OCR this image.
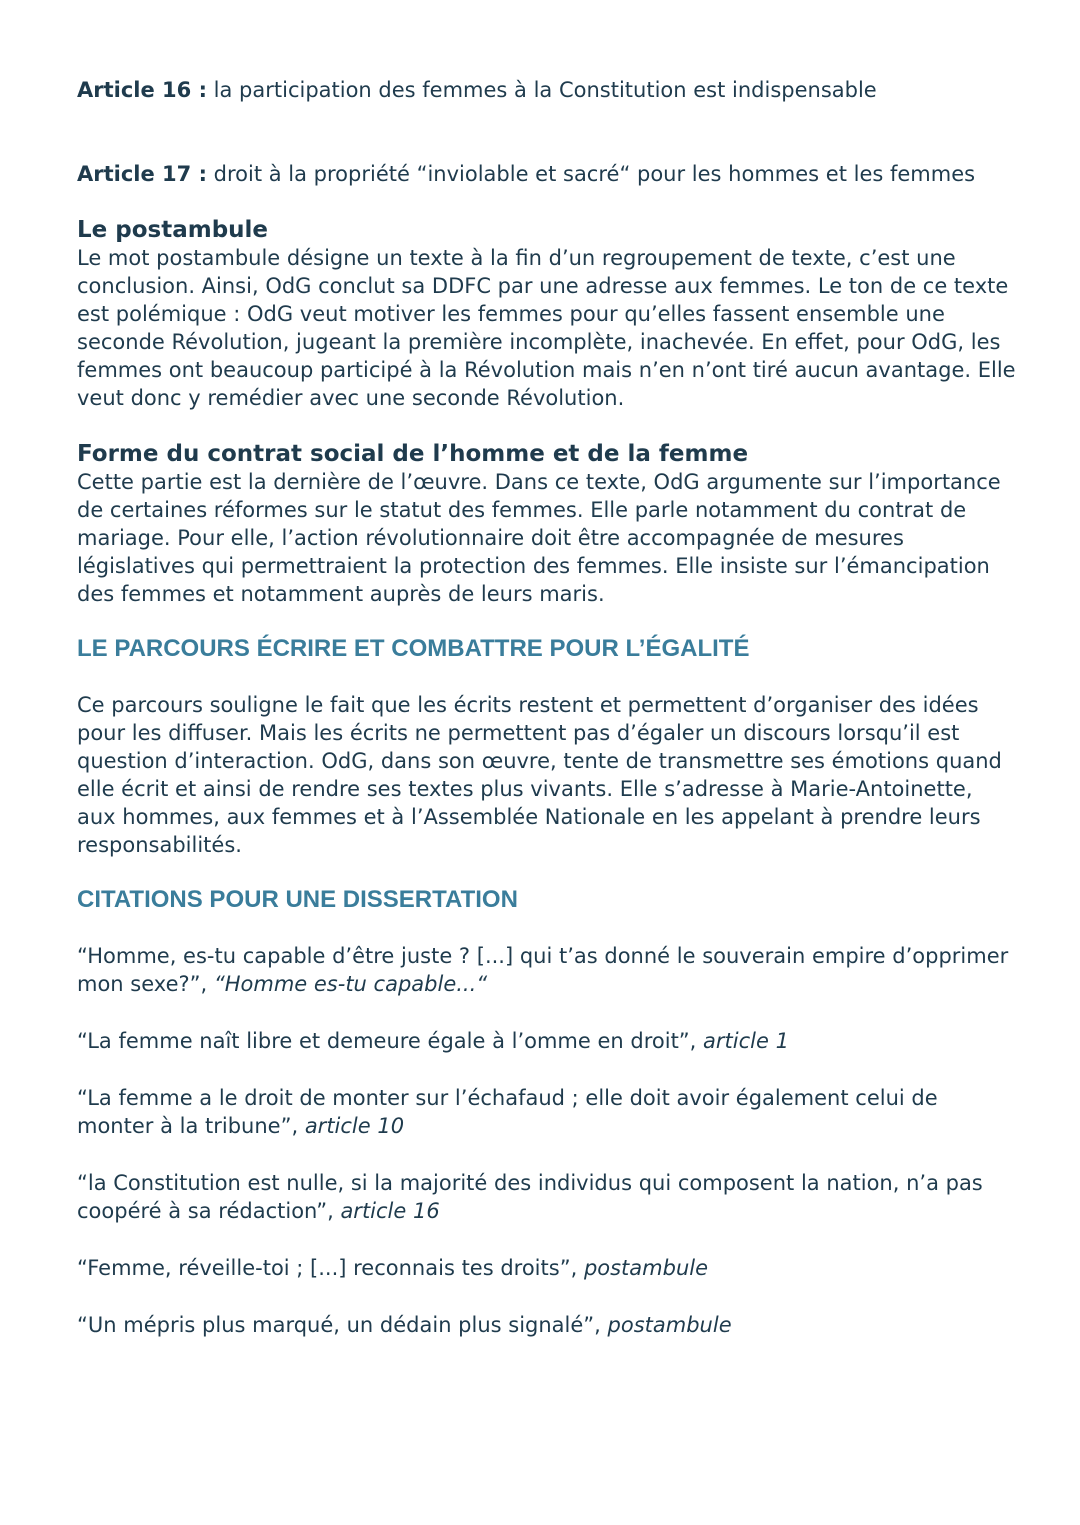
Article 16 : la participation des femmes à la Constitution est indispensable

Article 17 : droit à la propriété “inviolable et sacré“ pour les hommes et les femmes

Le postambule

Le mot postambule désigne un texte à la fin d’un regroupement de texte, c’est une conclusion. Ainsi, OdG conclut sa DDFC par une adresse aux femmes. Le ton de ce texte est polémique : OdG veut motiver les femmes pour qu’elles fassent ensemble une seconde Révolution, jugeant la première incomplète, inachevée. En effet, pour OdG, les femmes ont beaucoup participé à la Révolution mais n’en n’ont tiré aucun avantage. Elle veut donc y remédier avec une seconde Révolution.

Forme du contrat social de l’homme et de la femme

Cette partie est la dernière de l’œuvre. Dans ce texte, OdG argumente sur l’importance de certaines réformes sur le statut des femmes. Elle parle notamment du contrat de mariage. Pour elle, l’action révolutionnaire doit être accompagnée de mesures législatives qui permettraient la protection des femmes. Elle insiste sur l’émancipation des femmes et notamment auprès de leurs maris.

LE PARCOURS ÉCRIRE ET COMBATTRE POUR L’ÉGALITÉ

Ce parcours souligne le fait que les écrits restent et permettent d’organiser des idées pour les diffuser. Mais les écrits ne permettent pas d’égaler un discours lorsqu’il est question d’interaction. OdG, dans son œuvre, tente de transmettre ses émotions quand elle écrit et ainsi de rendre ses textes plus vivants. Elle s’adresse à Marie-Antoinette, aux hommes, aux femmes et à l’Assemblée Nationale en les appelant à prendre leurs responsabilités.

CITATIONS POUR UNE DISSERTATION

“Homme, es-tu capable d’être juste ? [...] qui t’as donné le souverain empire d’opprimer mon sexe?”, “Homme es-tu capable...“

“La femme naît libre et demeure égale à l’omme en droit”, article 1

“La femme a le droit de monter sur l’échafaud ; elle doit avoir également celui de monter à la tribune”, article 10

“la Constitution est nulle, si la majorité des individus qui composent la nation, n’a pas coopéré à sa rédaction”, article 16

“Femme, réveille-toi ; [...] reconnais tes droits”, postambule

“Un mépris plus marqué, un dédain plus signalé”, postambule
